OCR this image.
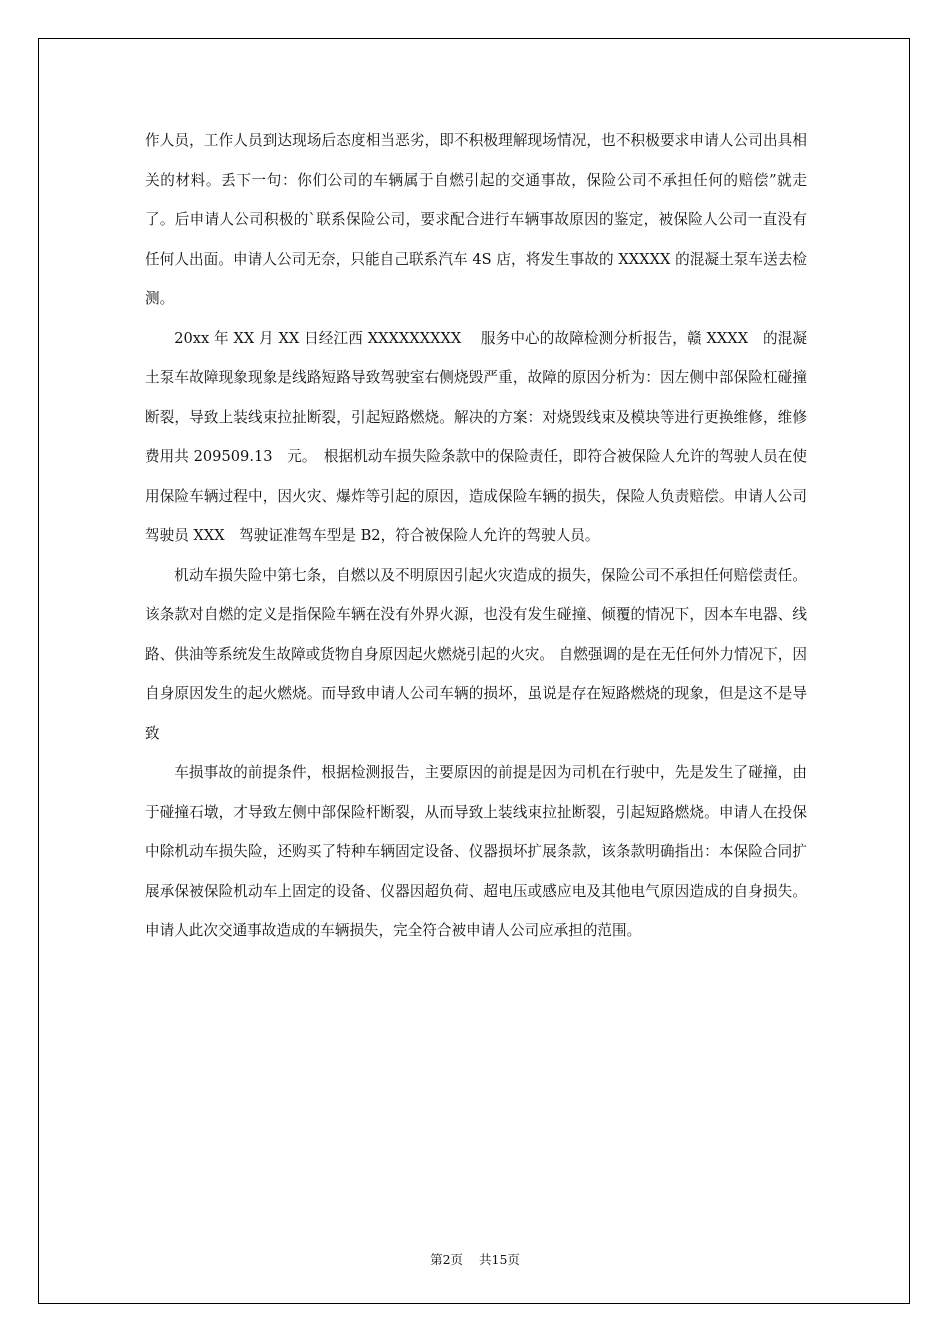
作人员，工作人员到达现场后态度相当恶劣，即不积极理解现场情况，也不积极要求申请人公司出具相关的材料。丢下一句：你们公司的车辆属于自燃引起的交通事故，保险公司不承担任何的赔偿”就走了。后申请人公司积极的`联系保险公司，要求配合进行车辆事故原因的鉴定，被保险人公司一直没有任何人出面。申请人公司无奈，只能自己联系汽车 4S 店，将发生事故的 XXXXX 的混凝土泵车送去检测。

20xx 年 XX 月 XX 日经江西 XXXXXXXXX　 服务中心的故障检测分析报告，赣 XXXX　的混凝土泵车故障现象现象是线路短路导致驾驶室右侧烧毁严重，故障的原因分析为：因左侧中部保险杠碰撞断裂，导致上装线束拉扯断裂，引起短路燃烧。解决的方案：对烧毁线束及模块等进行更换维修，维修费用共 209509.13　元。　根据机动车损失险条款中的保险责任，即符合被保险人允许的驾驶人员在使用保险车辆过程中，因火灾、爆炸等引起的原因，造成保险车辆的损失，保险人负责赔偿。申请人公司驾驶员 XXX　驾驶证准驾车型是 B2，符合被保险人允许的驾驶人员。

机动车损失险中第七条，自燃以及不明原因引起火灾造成的损失，保险公司不承担任何赔偿责任。该条款对自燃的定义是指保险车辆在没有外界火源，也没有发生碰撞、倾覆的情况下，因本车电器、线路、供油等系统发生故障或货物自身原因起火燃烧引起的火灾。 自燃强调的是在无任何外力情况下，因自身原因发生的起火燃烧。而导致申请人公司车辆的损坏，虽说是存在短路燃烧的现象，但是这不是导致

车损事故的前提条件，根据检测报告，主要原因的前提是因为司机在行驶中，先是发生了碰撞，由于碰撞石墩，才导致左侧中部保险杆断裂，从而导致上装线束拉扯断裂，引起短路燃烧。申请人在投保中除机动车损失险，还购买了特种车辆固定设备、仪器损坏扩展条款，该条款明确指出：本保险合同扩展承保被保险机动车上固定的设备、仪器因超负荷、超电压或感应电及其他电气原因造成的自身损失。申请人此次交通事故造成的车辆损失，完全符合被申请人公司应承担的范围。

第2页 共15页
